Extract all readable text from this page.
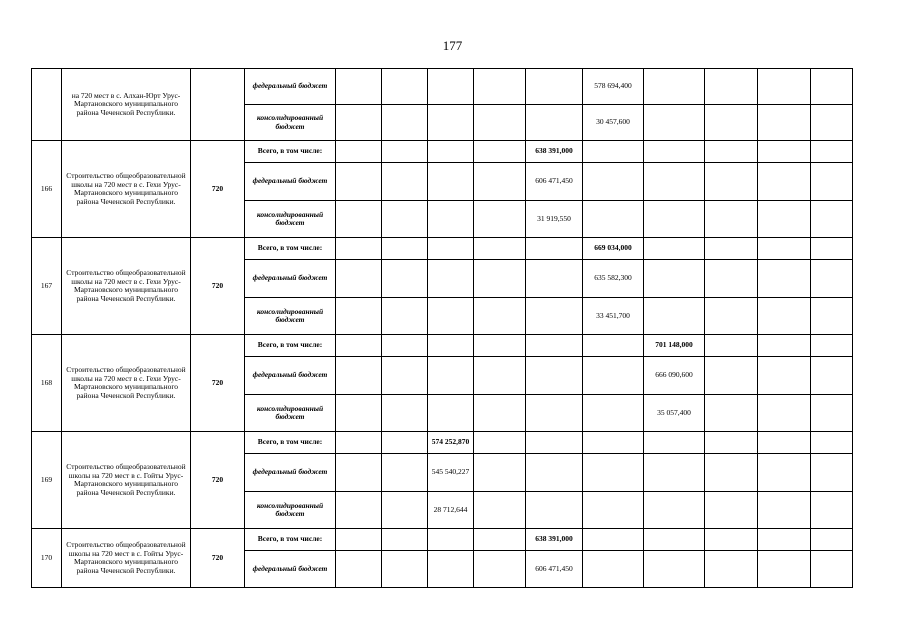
177
	на 720 мест в с. Алхан-Юрт Урус-Мартановского муниципального района Чеченской Республики.		федеральный бюджет						578 694,400				
			консолидированный бюджет						30 457,600				
166	Строительство общеобразовательной школы на 720 мест в с. Гехи Урус-Мартановского муниципального района Чеченской Республики.	720	Всего, в том числе:					638 391,000					
			федеральный бюджет					606 471,450					
			консолидированный бюджет					31 919,550					
167	Строительство общеобразовательной школы на 720 мест в с. Гехи Урус-Мартановского муниципального района Чеченской Республики.	720	Всего, в том числе:						669 034,000				
			федеральный бюджет						635 582,300				
			консолидированный бюджет						33 451,700				
168	Строительство общеобразовательной школы на 720 мест в с. Гехи Урус-Мартановского муниципального района Чеченской Республики.	720	Всего, в том числе:							701 148,000			
			федеральный бюджет							666 090,600			
			консолидированный бюджет							35 057,400			
169	Строительство общеобразовательной школы на 720 мест в с. Гойты Урус-Мартановского муниципального района Чеченской Республики.	720	Всего, в том числе:			574 252,870							
			федеральный бюджет			545 540,227							
			консолидированный бюджет			28 712,644							
170	Строительство общеобразовательной школы на 720 мест в с. Гойты Урус-Мартановского муниципального района Чеченской Республики.	720	Всего, в том числе:					638 391,000					
			федеральный бюджет					606 471,450					
